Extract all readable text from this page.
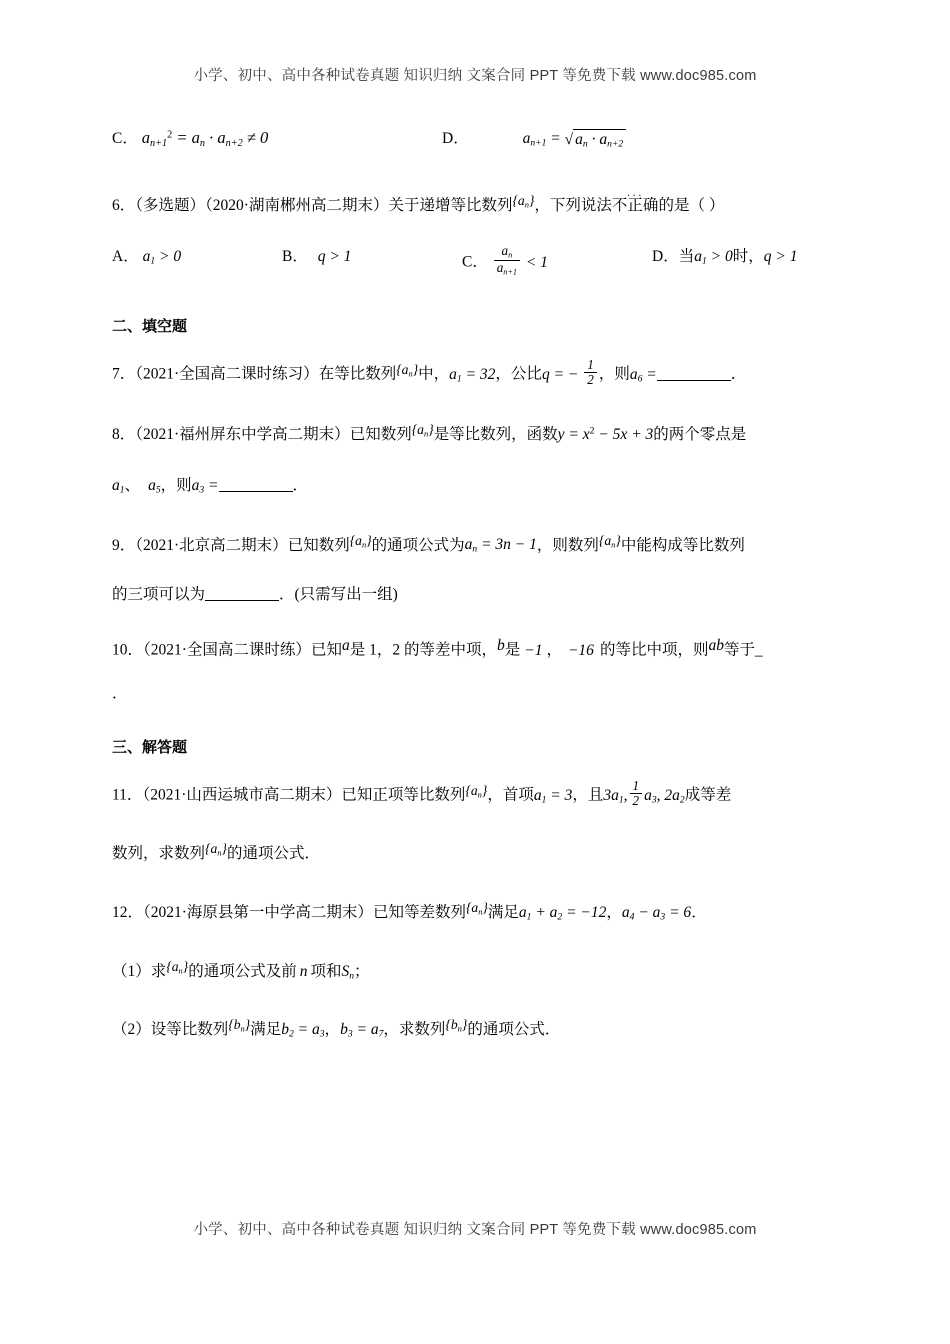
小学、初中、高中各种试卷真题 知识归纳 文案合同 PPT 等免费下载 www.doc985.com
C． $a_{n+1}^2 = a_n \cdot a_{n+2} \ne 0$	D．	$a_{n+1}$ = √ $a_n \cdot a_{n+2}$
6．（多选题）（2020·湖南郴州高二期末）关于递增等比数列$\{a_n\}$，下列说法不正确 ···的是（ ）
A． $a_1 > 0$	B． q > 1	C． $\frac{a_n}{a_{n+1}} < 1$	D．当$a_1 > 0$时，q > 1
二、填空题
7．（2021·全国高二课时练习）在等比数列$\{a_n\}$中，$a_1 = 32$，公比q = − $\frac{1}{2}$ ，则$a_6$ =	．
8．（2021·福州屏东中学高二期末）已知数列$\{a_n\}$是等比数列，函数$y = x^2 - 5x + 3$的两个零点是
$a_1$、 $a_5$，则$a_3$ =	．
9．（2021·北京高二期末）已知数列$\{a_n\}$的通项公式为$a_n = 3n - 1$，则数列$\{a_n\}$中能构成等比数列
的三项可以为	．(只需写出一组)
10．（2021·全国高二课时练）已知a是 1，2 的等差中项，b是 −1 ， −16 的等比中项，则ab等于_
．
三、解答题
11．（2021·山西运城市高二期末）已知正项等比数列$\{a_n\}$，首项$a_1 = 3$，且$3a_1$, $\frac{1}{2} a_3$, $2a_2$成等差
数列，求数列$\{a_n\}$的通项公式．
12．（2021·海原县第一中学高二期末）已知等差数列$\{a_n\}$满足$a_1 + a_2 = -12$，$a_4 - a_3 = 6$．
（1）求$\{a_n\}$的通项公式及前 n 项和$S_n$；
（2）设等比数列$\{b_n\}$满足$b_2 = a_3$，$b_3 = a_7$，求数列$\{b_n\}$的通项公式．
小学、初中、高中各种试卷真题 知识归纳 文案合同 PPT 等免费下载 www.doc985.com
